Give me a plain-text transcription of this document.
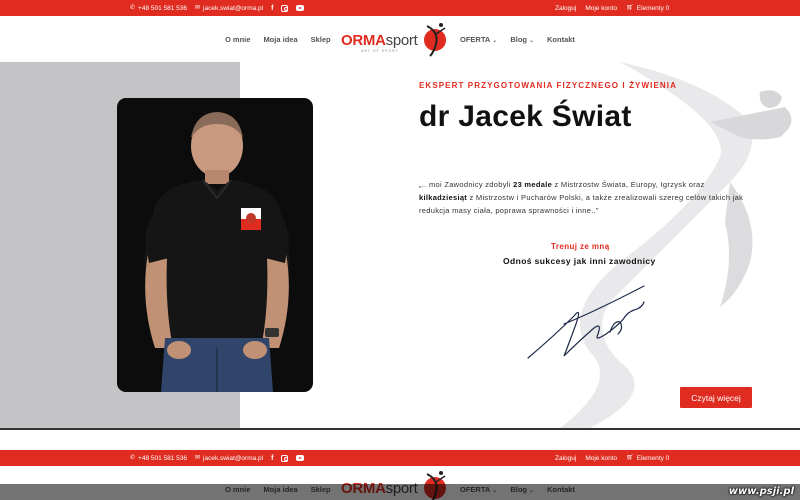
✆ +48 501 581 536 ✉ jacek.swiat@orma.pl f	Zaloguj Moje konto 🛒︎ Elementy 0
O mnie Moja idea Sklep ORMAsport
ART OF SPORT
OFERTA ⌄ Blog ⌄ Kontakt
EKSPERT PRZYGOTOWANIA FIZYCZNEGO I ŻYWIENIA
dr Jacek Świat
„.. moi Zawodnicy zdobyli 23 medale z Mistrzostw Świata, Europy, Igrzysk oraz kilkadziesiąt z Mistrzostw i Pucharów Polski, a także zrealizowali szereg celów takich jak redukcja masy ciała, poprawa sprawności i inne..”
Trenuj ze mną
Odnoś sukcesy jak inni zawodnicy
Czytaj więcej
✆ +48 501 581 536 ✉ jacek.swiat@orma.pl f	Zaloguj Moje konto 🛒︎ Elementy 0
www.psji.pl
